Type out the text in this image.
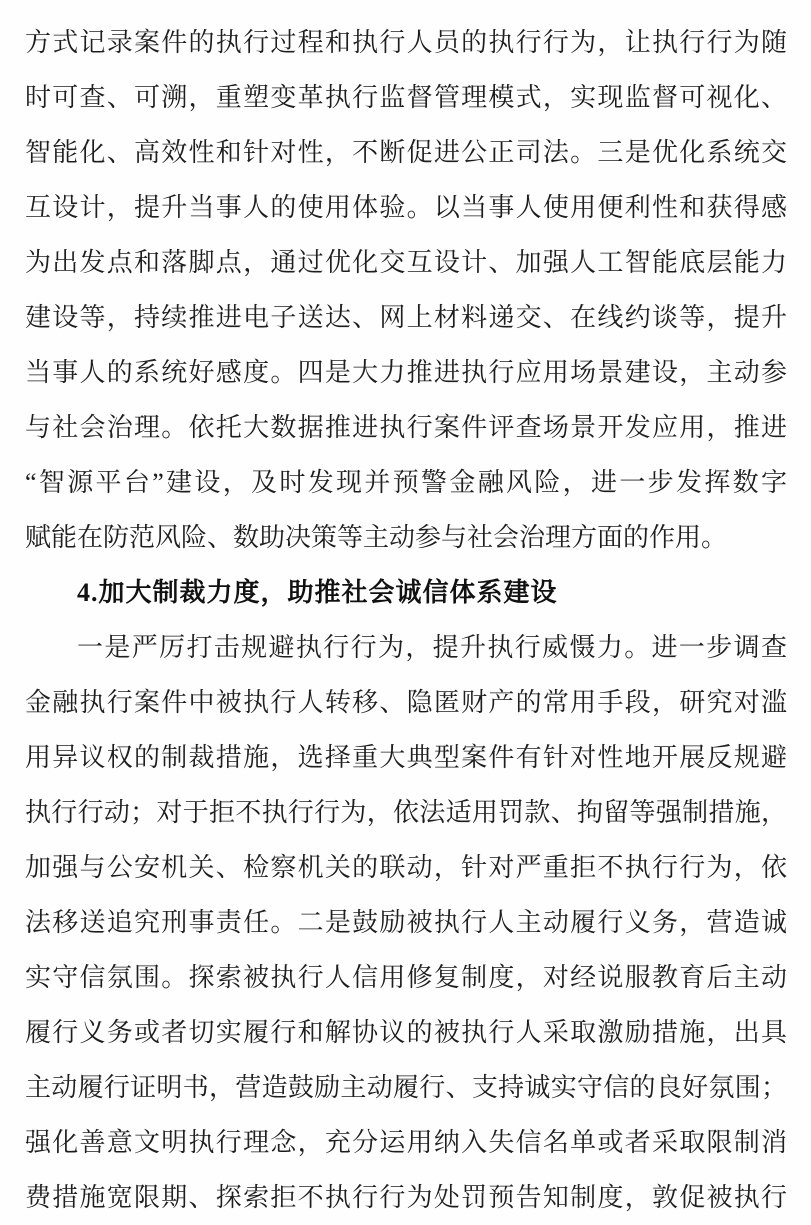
方式记录案件的执行过程和执行人员的执行行为，让执行行为随
时可查、可溯，重塑变革执行监督管理模式，实现监督可视化、
智能化、高效性和针对性，不断促进公正司法。三是优化系统交
互设计，提升当事人的使用体验。以当事人使用便利性和获得感
为出发点和落脚点，通过优化交互设计、加强人工智能底层能力
建设等，持续推进电子送达、网上材料递交、在线约谈等，提升
当事人的系统好感度。四是大力推进执行应用场景建设，主动参
与社会治理。依托大数据推进执行案件评查场景开发应用，推进
“智源平台”建设，及时发现并预警金融风险，进一步发挥数字
赋能在防范风险、数助决策等主动参与社会治理方面的作用。
4.加大制裁力度，助推社会诚信体系建设
一是严厉打击规避执行行为，提升执行威慑力。进一步调查
金融执行案件中被执行人转移、隐匿财产的常用手段，研究对滥
用异议权的制裁措施，选择重大典型案件有针对性地开展反规避
执行行动；对于拒不执行行为，依法适用罚款、拘留等强制措施，
加强与公安机关、检察机关的联动，针对严重拒不执行行为，依
法移送追究刑事责任。二是鼓励被执行人主动履行义务，营造诚
实守信氛围。探索被执行人信用修复制度，对经说服教育后主动
履行义务或者切实履行和解协议的被执行人采取激励措施，出具
主动履行证明书，营造鼓励主动履行、支持诚实守信的良好氛围；
强化善意文明执行理念，充分运用纳入失信名单或者采取限制消
费措施宽限期、探索拒不执行行为处罚预告知制度，敦促被执行
